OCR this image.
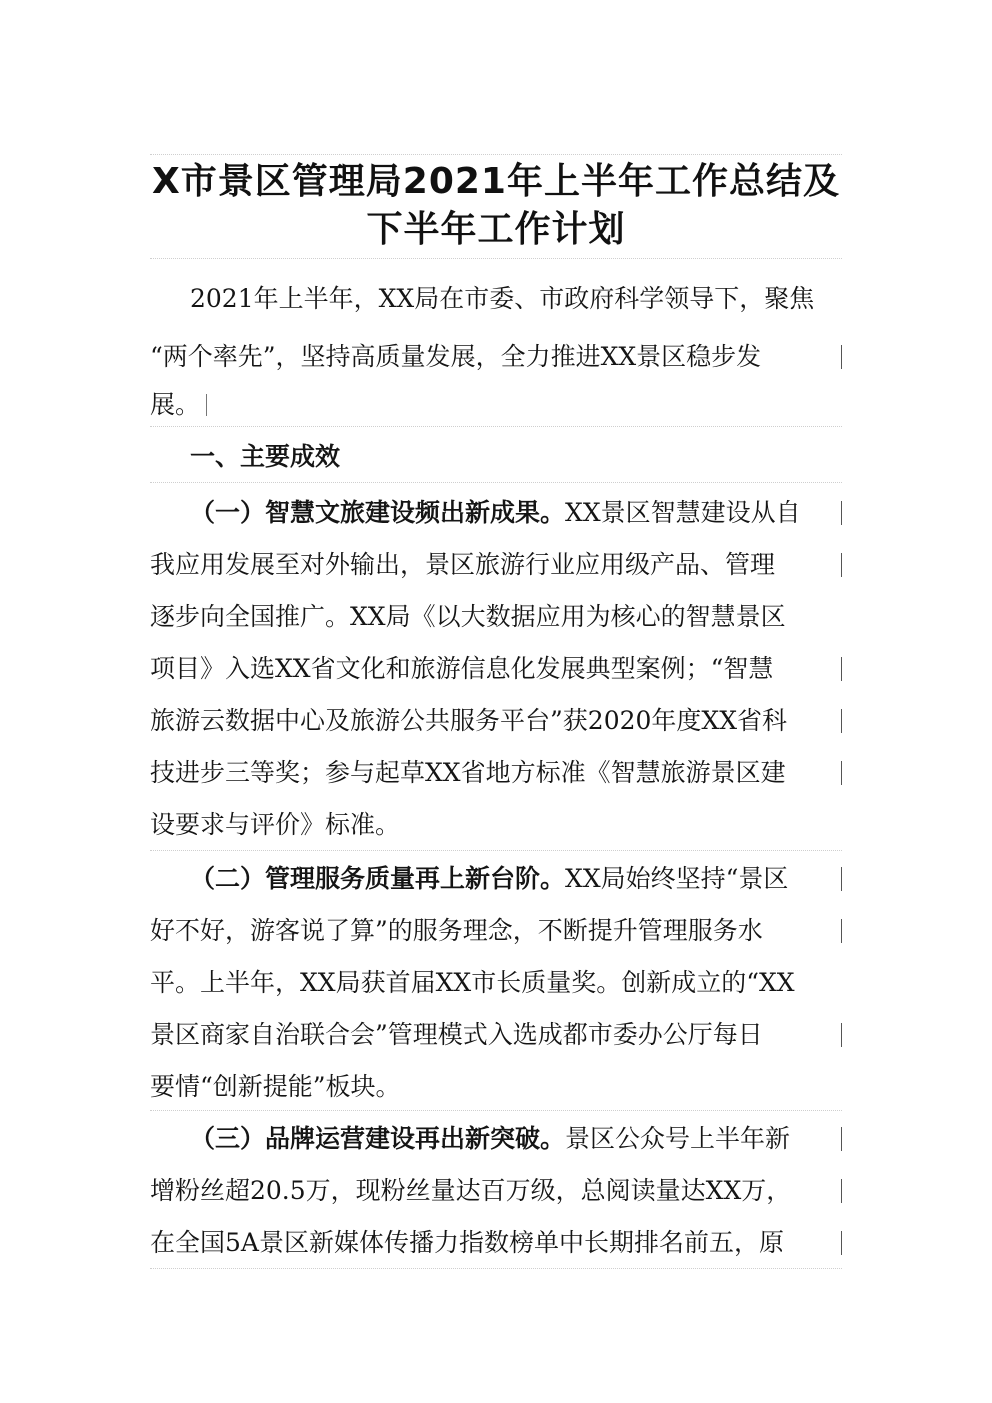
X市景区管理局2021年上半年工作总结及
下半年工作计划
2021年上半年，XX局在市委、市政府科学领导下，聚焦
“两个率先”，坚持高质量发展，全力推进XX景区稳步发
展。
一、主要成效
（一）智慧文旅建设频出新成果。XX景区智慧建设从自
我应用发展至对外输出，景区旅游行业应用级产品、管理
逐步向全国推广。XX局《以大数据应用为核心的智慧景区
项目》入选XX省文化和旅游信息化发展典型案例；“智慧
旅游云数据中心及旅游公共服务平台”获2020年度XX省科
技进步三等奖；参与起草XX省地方标准《智慧旅游景区建
设要求与评价》标准。
（二）管理服务质量再上新台阶。XX局始终坚持“景区
好不好，游客说了算”的服务理念，不断提升管理服务水
平。上半年，XX局获首届XX市长质量奖。创新成立的“XX
景区商家自治联合会”管理模式入选成都市委办公厅每日
要情“创新提能”板块。
（三）品牌运营建设再出新突破。景区公众号上半年新
增粉丝超20.5万，现粉丝量达百万级，总阅读量达XX万，
在全国5A景区新媒体传播力指数榜单中长期排名前五，原
